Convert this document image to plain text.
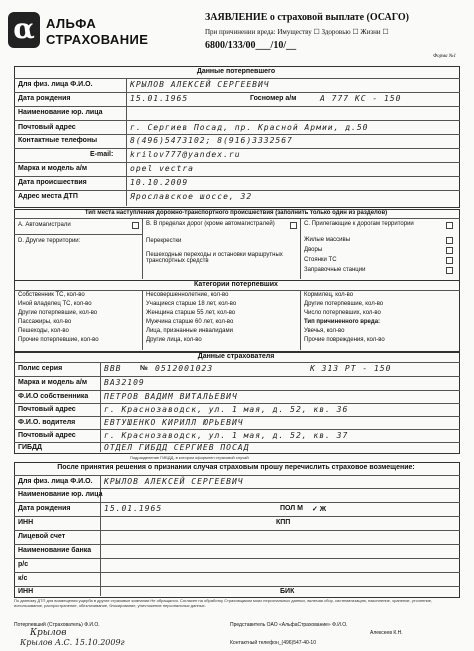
α АЛЬФА
СТРАХОВАНИЕ
ЗАЯВЛЕНИЕ о страховой выплате (ОСАГО)
При причинении вреда: Имуществу ☐ Здоровью ☐ Жизни ☐
6800/133/00___/10/__
Форма №1
Данные потерпевшего
Для физ. лица Ф.И.О.	КРЫЛОВ АЛЕКСЕЙ СЕРГЕЕВИЧ
Дата рождения	15.01.1965	Госномер а/м	А 777 КС - 150
Наименование юр. лица
Почтовый адрес	г. Сергиев Посад, пр. Красной Армии, д.50
Контактные телефоны	8(496)5473102; 8(916)3332567
E-mail: krilov777@yandex.ru
Марка и модель а/м	opel vectra
Дата происшествия	10.10.2009
Адрес места ДТП	Ярославское шоссе, 32
Тип места наступления дорожно-транспортного происшествия (заполнить только один из разделов)
A. Автомагистрали
D. Другие территории:
B. В пределах дорог (кроме автомагистралей)
Перекрестки
Пешеходные переходы и остановки маршрутных транспортных средств
C. Прилегающие к дорогам территории
Жилые массивы
Дворы
Стоянки ТС
Заправочные станции
Категории потерпевших
Собственник ТС, кол-во
Иной владелец ТС, кол-во
Другие потерпевшие, кол-во
Пассажиры, кол-во
Пешеходы, кол-во
Прочие потерпевшие, кол-во
Несовершеннолетние, кол-во
Учащиеся старше 18 лет, кол-во
Женщина старше 55 лет, кол-во
Мужчина старше 60 лет, кол-во
Лица, признанные инвалидами
Другие лица, кол-во
Кормилец, кол-во
Другие потерпевшие, кол-во
Число потерпевших, кол-во
Тип причиненного вреда:
Увечья, кол-во
Прочие повреждения, кол-во
Данные страхователя
Полис серия	ВВВ	№ 0512001023	К 313 РТ - 150
Марка и модель а/м ВАЗ2109
Ф.И.О собственника ПЕТРОВ ВАДИМ ВИТАЛЬЕВИЧ
Почтовый адрес	г. Краснозаводск, ул. 1 мая, д. 52, кв. 36
Ф.И.О. водителя	ЕВТУШЕНКО КИРИЛЛ ЮРЬЕВИЧ
Почтовый адрес	г. Краснозаводск, ул. 1 мая, д. 52, кв. 37
ГИБДД	ОТДЕЛ ГИБДД СЕРГИЕВ ПОСАД
Подразделение ГИБДД, в котором оформлен страховой случай
После принятия решения о признании случая страховым прошу перечислить страховое возмещение:
Для физ. лица Ф.И.О. КРЫЛОВ АЛЕКСЕЙ СЕРГЕЕВИЧ
Наименование юр. лица
Дата рождения	15.01.1965	ПОЛ М ✓ Ж
ИНН	КПП
Лицевой счет
Наименование банка
р/с
к/с
ИНН	БИК
По данному ДТП для возмещения ущерба в другие страховые компании Не обращался. Согласен на обработку Страховщиком моих персональных данных, включая сбор, систематизацию, накопление, хранение, уточнение, использование, распространение, обезличивание, блокирование, уничтожение персональных данных.
Потерпевший (Страхователь) Ф.И.О.
Крылов
Крылов А.С. 15.10.2009г
Представитель ОАО «АльфаСтрахование» Ф.И.О.
Алексеев К.Н.
Контактный телефон_(496)547-40-10
